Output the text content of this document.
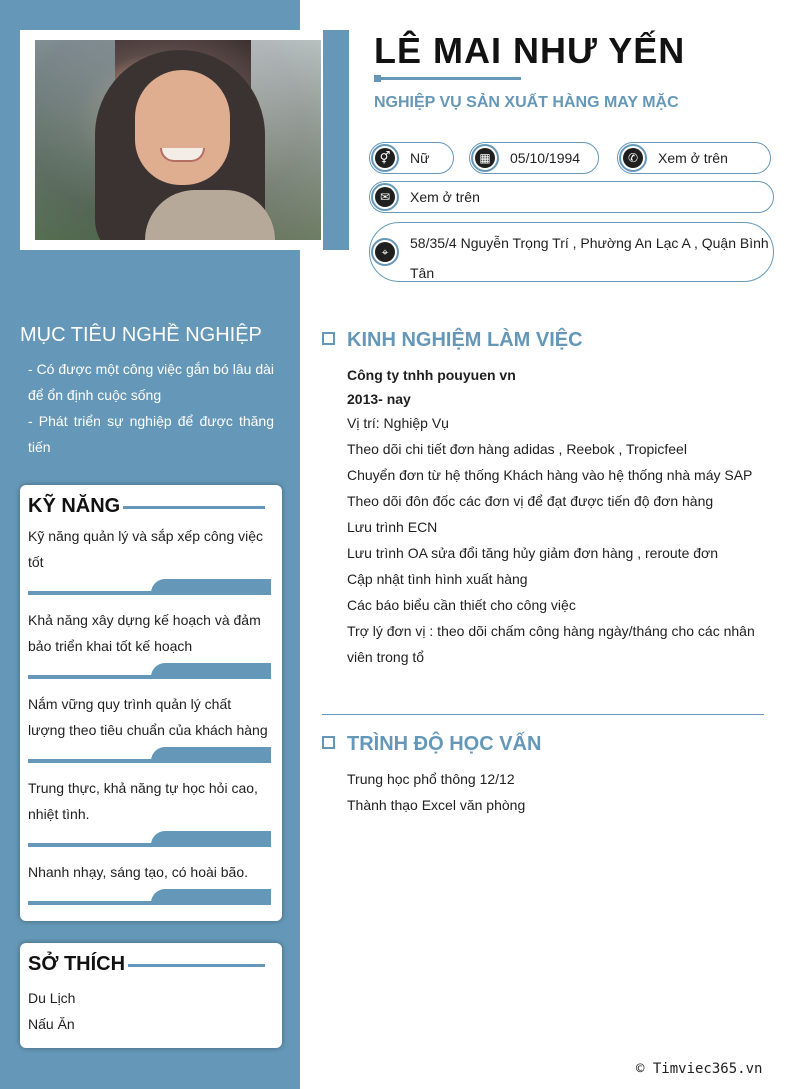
LÊ MAI NHƯ YẾN
NGHIỆP VỤ SẢN XUẤT HÀNG MAY MẶC
⚥	Nữ	▦	05/10/1994	✆	Xem ở trên
✉	Xem ở trên
⌖
58/35/4 Nguyễn Trọng Trí , Phường An Lạc A , Quận Bình Tân
MỤC TIÊU NGHỀ NGHIỆP

- Có được một công việc gắn bó lâu dài để ổn định cuộc sống

- Phát triển sự nghiệp để được thăng tiến

KỸ NĂNG
Kỹ năng quản lý và sắp xếp công việc tốt
Khả năng xây dựng kế hoạch và đảm bảo triển khai tốt kế hoạch
Nắm vững quy trình quản lý chất lượng theo tiêu chuẩn của khách hàng
Trung thực, khả năng tự học hỏi cao, nhiệt tình.
Nhanh nhạy, sáng tạo, có hoài bão.
SỞ THÍCH
Du Lịch
Nấu Ăn
KINH NGHIỆM LÀM VIỆC
Công ty tnhh pouyuen vn
2013- nay
Vị trí: Nghiệp Vụ
Theo dõi chi tiết đơn hàng adidas , Reebok , Tropicfeel
Chuyển đơn từ hệ thống Khách hàng vào hệ thống nhà máy SAP
Theo dõi đôn đốc các đơn vị để đạt được tiến độ đơn hàng
Lưu trình ECN
Lưu trình OA sửa đổi tăng hủy giảm đơn hàng , reroute đơn
Cập nhật tình hình xuất hàng
Các báo biểu cần thiết cho công việc
Trợ lý đơn vị : theo dõi chấm công hàng ngày/tháng cho các nhân viên trong tổ
TRÌNH ĐỘ HỌC VẤN
Trung học phổ thông 12/12
Thành thạo Excel văn phòng
© Timviec365.vn
